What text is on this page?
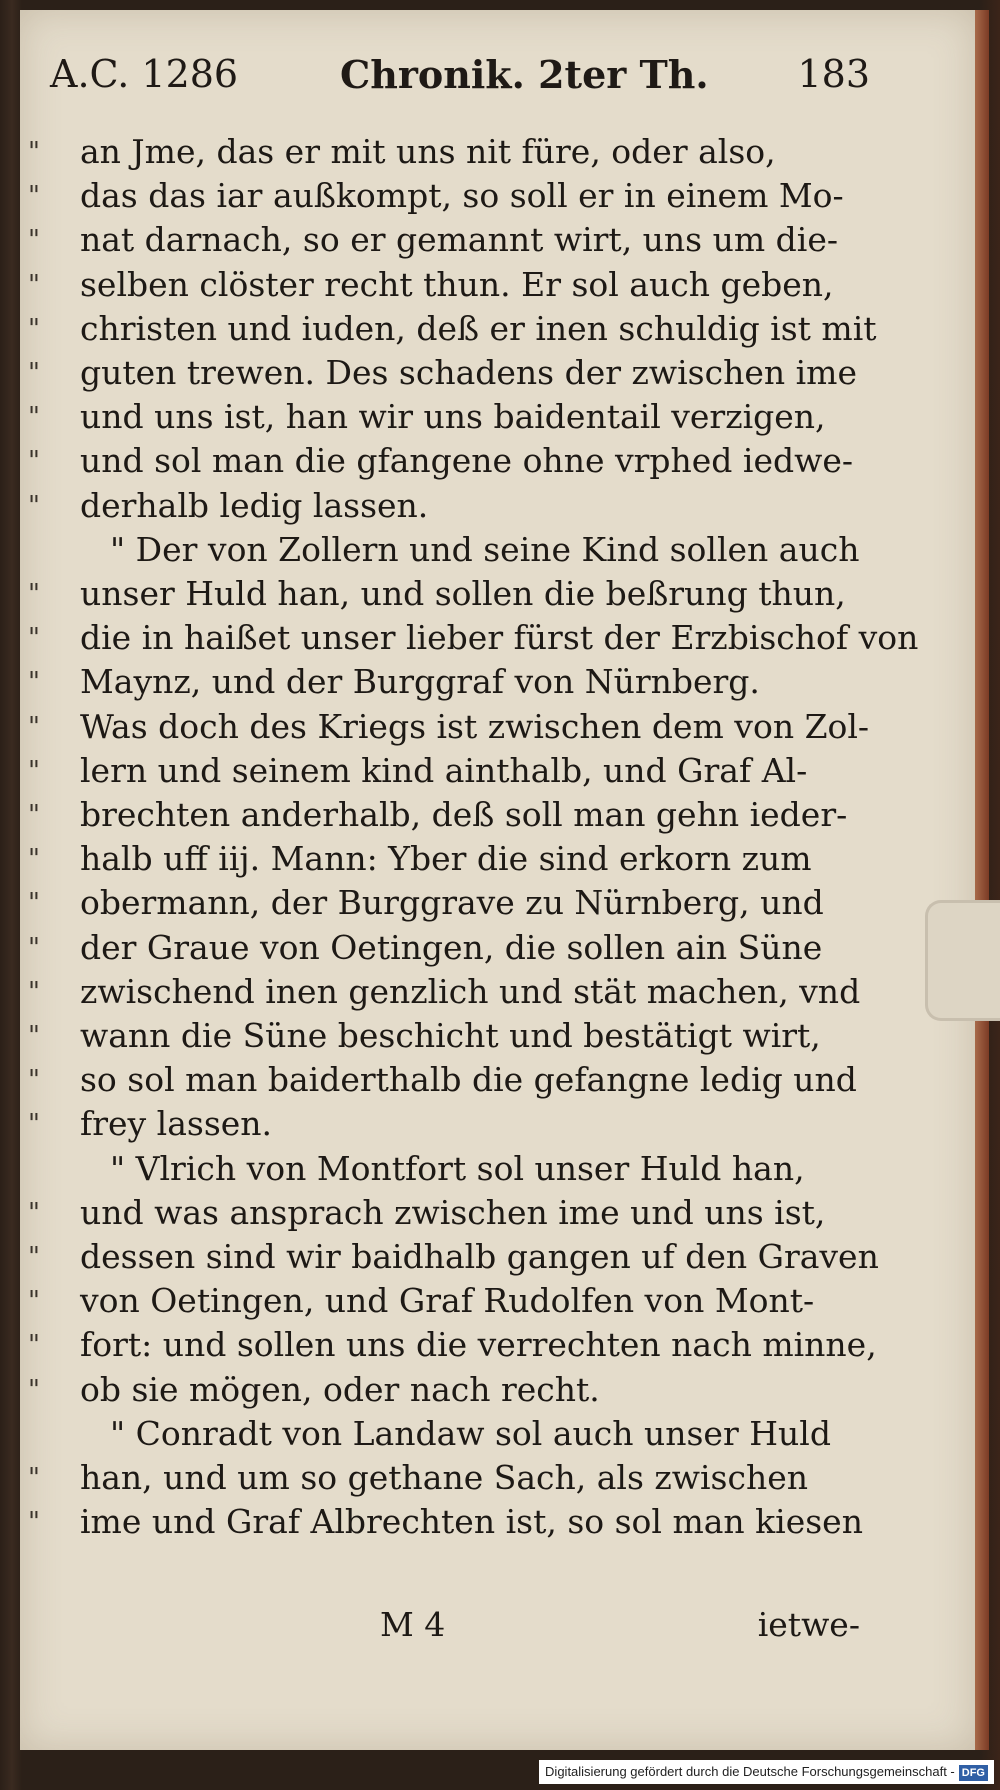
A.C. 1286	Chronik. 2ter Th. 183
"	an Jme, das er mit uns nit füre, oder also,
"	das das iar außkompt, so soll er in einem Mo-
"	nat darnach, so er gemannt wirt, uns um die-
"	selben clöster recht thun. Er sol auch geben,
"	christen und iuden, deß er inen schuldig ist mit
"	guten trewen. Des schadens der zwischen ime
"	und uns ist, han wir uns baidentail verzigen,
"	und sol man die gfangene ohne vrphed iedwe-
"	derhalb ledig lassen.
" Der von Zollern und seine Kind sollen auch
"	unser Huld han, und sollen die beßrung thun,
"	die in haißet unser lieber fürst der Erzbischof von
"	Maynz, und der Burggraf von Nürnberg.
"	Was doch des Kriegs ist zwischen dem von Zol-
"	lern und seinem kind ainthalb, und Graf Al-
"	brechten anderhalb, deß soll man gehn ieder-
"	halb uff iij. Mann: Yber die sind erkorn zum
"	obermann, der Burggrave zu Nürnberg, und
"	der Graue von Oetingen, die sollen ain Süne
"	zwischend inen genzlich und stät machen, vnd
"	wann die Süne beschicht und bestätigt wirt,
"	so sol man baiderthalb die gefangne ledig und
"	frey lassen.
" Vlrich von Montfort sol unser Huld han,
"	und was ansprach zwischen ime und uns ist,
"	dessen sind wir baidhalb gangen uf den Graven
"	von Oetingen, und Graf Rudolfen von Mont-
"	fort: und sollen uns die verrechten nach minne,
"	ob sie mögen, oder nach recht.
" Conradt von Landaw sol auch unser Huld
"	han, und um so gethane Sach, als zwischen
"	ime und Graf Albrechten ist, so sol man kiesen
M 4	ietwe-
Digitalisierung gefördert durch die Deutsche Forschungsgemeinschaft - DFG
